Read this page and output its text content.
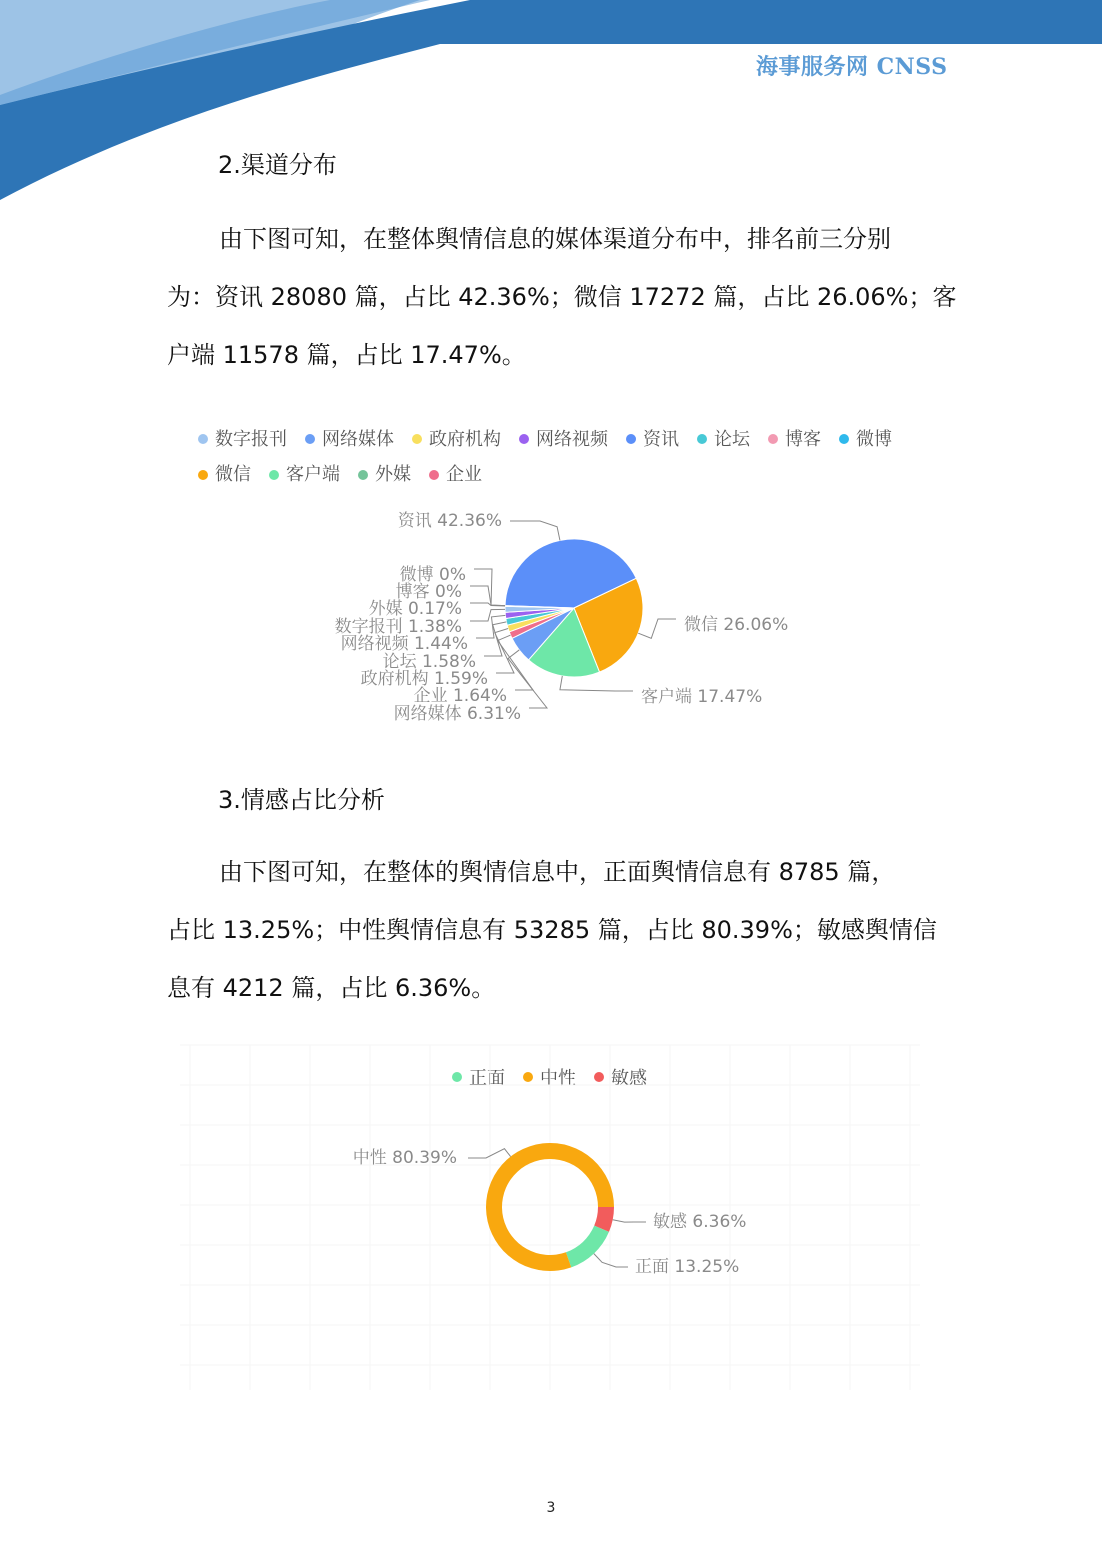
海事服务网 CNSS
2.渠道分布

由下图可知，在整体舆情信息的媒体渠道分布中，排名前三分别

为：资讯 28080 篇，占比 42.36%；微信 17272 篇，占比 26.06%；客

户端 11578 篇，占比 17.47%。

数字报刊 网络媒体 政府机构 网络视频 资讯 论坛 博客 微博
微信 客户端 外媒 企业
资讯 42.36%
微信 26.06%
客户端 17.47%
网络媒体 6.31%
企业 1.64%
政府机构 1.59%
论坛 1.58%
网络视频 1.44%
数字报刊 1.38%
外媒 0.17%
博客 0%
微博 0%
3.情感占比分析

由下图可知，在整体的舆情信息中，正面舆情信息有 8785 篇，

占比 13.25%；中性舆情信息有 53285 篇，占比 80.39%；敏感舆情信

息有 4212 篇，占比 6.36%。

正面 中性 敏感
敏感 6.36%
正面 13.25%
中性 80.39%
3
